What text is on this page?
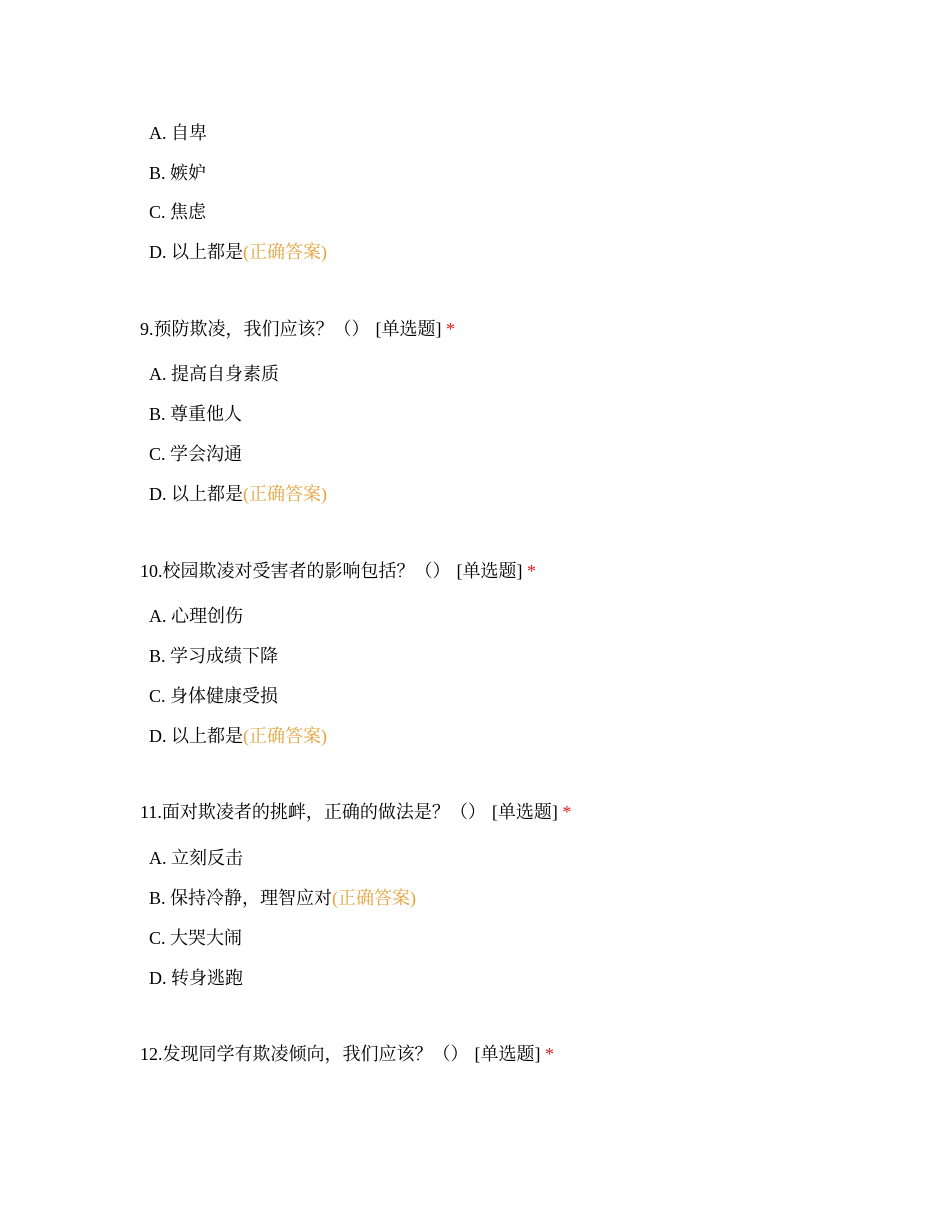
A. 自卑
B. 嫉妒
C. 焦虑
D. 以上都是(正确答案)
9.预防欺凌，我们应该？（） [单选题] *
A. 提高自身素质
B. 尊重他人
C. 学会沟通
D. 以上都是(正确答案)
10.校园欺凌对受害者的影响包括？（） [单选题] *
A. 心理创伤
B. 学习成绩下降
C. 身体健康受损
D. 以上都是(正确答案)
11.面对欺凌者的挑衅，正确的做法是？（） [单选题] *
A. 立刻反击
B. 保持冷静，理智应对(正确答案)
C. 大哭大闹
D. 转身逃跑
12.发现同学有欺凌倾向，我们应该？（） [单选题] *
